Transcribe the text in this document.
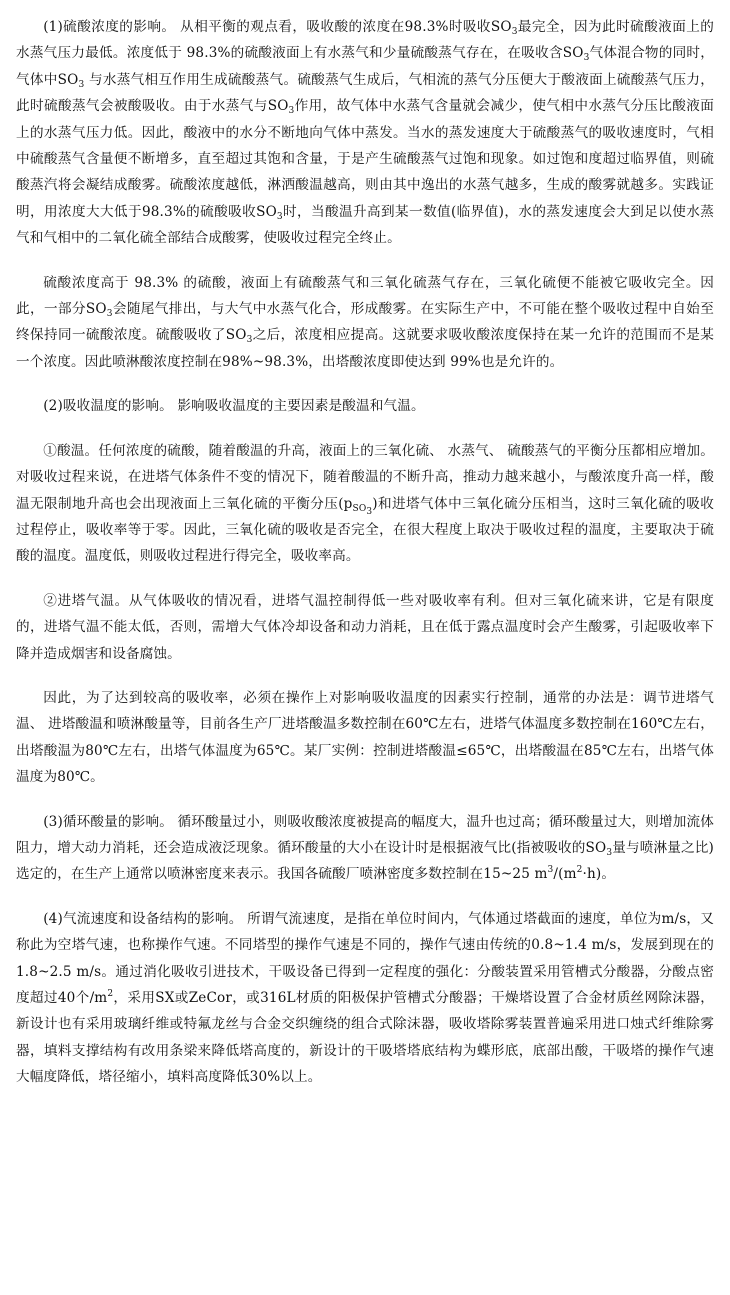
(1)硫酸浓度的影响。 从相平衡的观点看，吸收酸的浓度在98.3%时吸收$SO_3$最完全，因为此时硫酸液面上的水蒸气压力最低。浓度低于 98.3%的硫酸液面上有水蒸气和少量硫酸蒸气存在，在吸收含$SO_3$气体混合物的同时，气体中$SO_3$ 与水蒸气相互作用生成硫酸蒸气。硫酸蒸气生成后，气相流的蒸气分压便大于酸液面上硫酸蒸气压力，此时硫酸蒸气会被酸吸收。由于水蒸气与$SO_3$作用，故气体中水蒸气含量就会减少，使气相中水蒸气分压比酸液面上的水蒸气压力低。因此，酸液中的水分不断地向气体中蒸发。当水的蒸发速度大于硫酸蒸气的吸收速度时，气相中硫酸蒸气含量便不断增多，直至超过其饱和含量，于是产生硫酸蒸气过饱和现象。如过饱和度超过临界值，则硫酸蒸汽将会凝结成酸雾。硫酸浓度越低，淋洒酸温越高，则由其中逸出的水蒸气越多，生成的酸雾就越多。实践证明，用浓度大大低于98.3%的硫酸吸收$SO_3$时，当酸温升高到某一数值(临界值)，水的蒸发速度会大到足以使水蒸气和气相中的二氧化硫全部结合成酸雾，使吸收过程完全终止。

硫酸浓度高于 98.3% 的硫酸，液面上有硫酸蒸气和三氧化硫蒸气存在，三氧化硫便不能被它吸收完全。因此，一部分$SO_3$会随尾气排出，与大气中水蒸气化合，形成酸雾。在实际生产中，不可能在整个吸收过程中自始至终保持同一硫酸浓度。硫酸吸收了$SO_3$之后，浓度相应提高。这就要求吸收酸浓度保持在某一允许的范围而不是某一个浓度。因此喷淋酸浓度控制在98%~98.3%，出塔酸浓度即使达到 99%也是允许的。

(2)吸收温度的影响。 影响吸收温度的主要因素是酸温和气温。

①酸温。任何浓度的硫酸，随着酸温的升高，液面上的三氧化硫、 水蒸气、 硫酸蒸气的平衡分压都相应增加。对吸收过程来说，在进塔气体条件不变的情况下，随着酸温的不断升高，推动力越来越小，与酸浓度升高一样，酸温无限制地升高也会出现液面上三氧化硫的平衡分压$(p_{SO_3})$和进塔气体中三氧化硫分压相当，这时三氧化硫的吸收过程停止，吸收率等于零。因此，三氧化硫的吸收是否完全，在很大程度上取决于吸收过程的温度，主要取决于硫酸的温度。温度低，则吸收过程进行得完全，吸收率高。

②进塔气温。从气体吸收的情况看，进塔气温控制得低一些对吸收率有利。但对三氧化硫来讲，它是有限度的，进塔气温不能太低，否则，需增大气体冷却设备和动力消耗，且在低于露点温度时会产生酸雾，引起吸收率下降并造成烟害和设备腐蚀。

因此，为了达到较高的吸收率，必须在操作上对影响吸收温度的因素实行控制，通常的办法是：调节进塔气温、 进塔酸温和喷淋酸量等，目前各生产厂进塔酸温多数控制在60℃左右，进塔气体温度多数控制在160℃左右，出塔酸温为80℃左右，出塔气体温度为65℃。某厂实例：控制进塔酸温≤65℃，出塔酸温在85℃左右，出塔气体温度为80℃。

(3)循环酸量的影响。 循环酸量过小，则吸收酸浓度被提高的幅度大，温升也过高；循环酸量过大，则增加流体阻力，增大动力消耗，还会造成液泛现象。循环酸量的大小在设计时是根据液气比(指被吸收的$SO_3$量与喷淋量之比)选定的，在生产上通常以喷淋密度来表示。我国各硫酸厂喷淋密度多数控制在15~25 $m^3/(m^2\cdot h)$。

(4)气流速度和设备结构的影响。 所谓气流速度，是指在单位时间内，气体通过塔截面的速度，单位为m/s，又称此为空塔气速，也称操作气速。不同塔型的操作气速是不同的，操作气速由传统的0.8~1.4 m/s，发展到现在的1.8~2.5 m/s。通过消化吸收引进技术，干吸设备已得到一定程度的强化：分酸装置采用管槽式分酸器，分酸点密度超过40个$/m^2$，采用SX或ZeCor，或316L材质的阳极保护管槽式分酸器；干燥塔设置了合金材质丝网除沫器，新设计也有采用玻璃纤维或特氟龙丝与合金交织缠绕的组合式除沫器，吸收塔除雾装置普遍采用进口烛式纤维除雾器，填料支撑结构有改用条梁来降低塔高度的，新设计的干吸塔塔底结构为蝶形底，底部出酸，干吸塔的操作气速大幅度降低，塔径缩小，填料高度降低30%以上。
